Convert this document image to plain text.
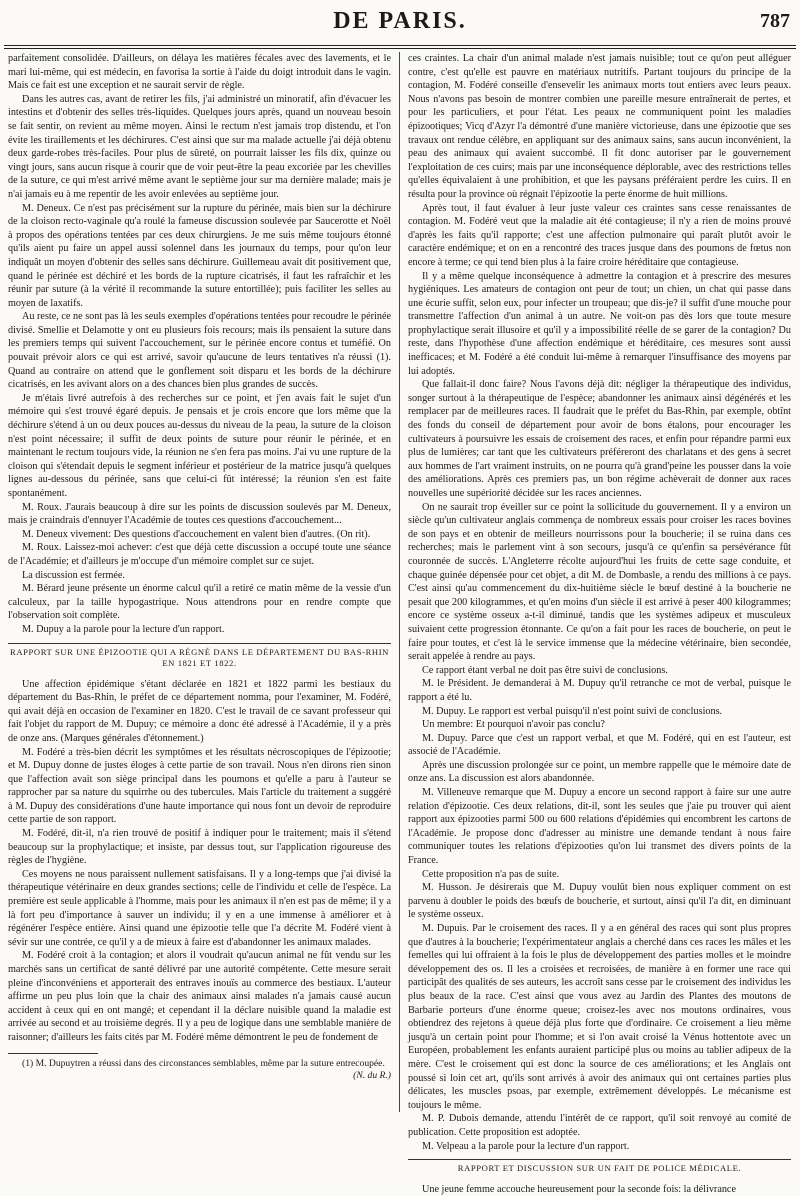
DE PARIS.	787

parfaitement consolidée. D'ailleurs, on délaya les matières fécales avec des lavements, et le mari lui-même, qui est médecin, en favorisa la sortie à l'aide du doigt introduit dans le vagin. Mais ce fait est une exception et ne saurait servir de règle.

Dans les autres cas, avant de retirer les fils, j'ai administré un minoratif, afin d'évacuer les intestins et d'obtenir des selles très-liquides. Quelques jours après, quand un nouveau besoin se fait sentir, on revient au même moyen. Ainsi le rectum n'est jamais trop distendu, et l'on évite les tiraillements et les déchirures. C'est ainsi que sur ma malade actuelle j'ai déjà obtenu deux garde-robes très-faciles. Pour plus de sûreté, on pourrait laisser les fils dix, quinze ou vingt jours, sans aucun risque à courir que de voir peut-être la peau excoriée par les chevilles de la suture, ce qui m'est arrivé même avant le septième jour sur ma dernière malade; mais je n'ai jamais eu à me repentir de les avoir enlevées au septième jour.

M. Deneux. Ce n'est pas précisément sur la rupture du périnée, mais bien sur la déchirure de la cloison recto-vaginale qu'a roulé la fameuse discussion soulevée par Saucerotte et Noël à propos des opérations tentées par ces deux chirurgiens. Je me suis même toujours étonné qu'ils aient pu faire un appel aussi solennel dans les journaux du temps, pour qu'on leur indiquât un moyen d'obtenir des selles sans déchirure. Guillemeau avait dit positivement que, quand le périnée est déchiré et les bords de la rupture cicatrisés, il faut les rafraîchir et les réunir par suture (à la vérité il recommande la suture entortillée); puis faciliter les selles au moyen de laxatifs.

Au reste, ce ne sont pas là les seuls exemples d'opérations tentées pour recoudre le périnée divisé. Smellie et Delamotte y ont eu plusieurs fois recours; mais ils pensaient la suture dans les premiers temps qui suivent l'accouchement, sur le périnée encore contus et tuméfié. On pouvait prévoir alors ce qui est arrivé, savoir qu'aucune de leurs tentatives n'a réussi (1). Quand au contraire on attend que le gonflement soit disparu et les bords de la déchirure cicatrisés, en les avivant alors on a des chances bien plus grandes de succès.

Je m'étais livré autrefois à des recherches sur ce point, et j'en avais fait le sujet d'un mémoire qui s'est trouvé égaré depuis. Je pensais et je crois encore que lors même que la déchirure s'étend à un ou deux pouces au-dessus du niveau de la peau, la suture de la cloison n'est point nécessaire; il suffit de deux points de suture pour réunir le périnée, et en maintenant le rectum toujours vide, la réunion ne s'en fera pas moins. J'ai vu une rupture de la cloison qui s'étendait depuis le segment inférieur et postérieur de la matrice jusqu'à quelques lignes au-dessous du périnée, sans que celui-ci fût intéressé; la réunion s'en est faite spontanément.

M. Roux. J'aurais beaucoup à dire sur les points de discussion soulevés par M. Deneux, mais je craindrais d'ennuyer l'Académie de toutes ces questions d'accouchement...

M. Deneux vivement: Des questions d'accouchement en valent bien d'autres. (On rit).

M. Roux. Laissez-moi achever: c'est que déjà cette discussion a occupé toute une séance de l'Académie; et d'ailleurs je m'occupe d'un mémoire complet sur ce sujet.

La discussion est fermée.

M. Bérard jeune présente un énorme calcul qu'il a retiré ce matin même de la vessie d'un calculeux, par la taille hypogastrique. Nous attendrons pour en rendre compte que l'observation soit complète.

M. Dupuy a la parole pour la lecture d'un rapport.

RAPPORT SUR UNE ÉPIZOOTIE QUI A RÉGNÉ DANS LE DÉPARTEMENT DU BAS-RHIN EN 1821 ET 1822.

Une affection épidémique s'étant déclarée en 1821 et 1822 parmi les bestiaux du département du Bas-Rhin, le préfet de ce département nomma, pour l'examiner, M. Fodéré, qui avait déjà en occasion de l'examiner en 1820. C'est le travail de ce savant professeur qui fait l'objet du rapport de M. Dupuy; ce mémoire a donc été adressé à l'Académie, il y a près de onze ans. (Marques générales d'étonnement.)

M. Fodéré a très-bien décrit les symptômes et les résultats nécroscopiques de l'épizootie; et M. Dupuy donne de justes éloges à cette partie de son travail. Nous n'en dirons rien sinon que l'affection avait son siège principal dans les poumons et qu'elle a paru à l'auteur se rapprocher par sa nature du squirrhe ou des tubercules. Mais l'article du traitement a suggéré à M. Dupuy des considérations d'une haute importance qui nous font un devoir de reproduire cette partie de son rapport.

M. Fodéré, dit-il, n'a rien trouvé de positif à indiquer pour le traitement; mais il s'étend beaucoup sur la prophylactique; et insiste, par dessus tout, sur l'application rigoureuse des règles de l'hygiène.

Ces moyens ne nous paraissent nullement satisfaisans. Il y a long-temps que j'ai divisé la thérapeutique vétérinaire en deux grandes sections; celle de l'individu et celle de l'espèce. La première est seule applicable à l'homme, mais pour les animaux il n'en est pas de même; il y a là fort peu d'importance à sauver un individu; il y en a une immense à améliorer et à régénérer l'espèce entière. Ainsi quand une épizootie telle que l'a décrite M. Fodéré vient à sévir sur une contrée, ce qu'il y a de mieux à faire est d'abandonner les animaux malades.

M. Fodéré croit à la contagion; et alors il voudrait qu'aucun animal ne fût vendu sur les marchés sans un certificat de santé délivré par une autorité compétente. Cette mesure serait pleine d'inconvéniens et apporterait des entraves inouïs au commerce des bestiaux. L'auteur affirme un peu plus loin que la chair des animaux ainsi malades n'a jamais causé aucun accident à ceux qui en ont mangé; et cependant il la déclare nuisible quand la maladie est arrivée au second et au troisième degrés. Il y a peu de logique dans une semblable manière de raisonner; d'ailleurs les faits cités par M. Fodéré même démontrent le peu de fondement de

(1) M. Dupuytren a réussi dans des circonstances semblables, même par la suture entrecoupée.
(N. du R.)

ces craintes. La chair d'un animal malade n'est jamais nuisible; tout ce qu'on peut alléguer contre, c'est qu'elle est pauvre en matériaux nutritifs. Partant toujours du principe de la contagion, M. Fodéré conseille d'ensevelir les animaux morts tout entiers avec leurs peaux. Nous n'avons pas besoin de montrer combien une pareille mesure entraînerait de pertes, et pour les particuliers, et pour l'état. Les peaux ne communiquent point les maladies épizootiques; Vicq d'Azyr l'a démontré d'une manière victorieuse, dans une épizootie que ses travaux ont rendue célèbre, en appliquant sur des animaux sains, sans aucun inconvénient, la peau des animaux qui avaient succombé. Il fit donc autoriser par le gouvernement l'exploitation de ces cuirs; mais par une inconséquence déplorable, avec des restrictions telles qu'elles équivalaient à une prohibition, et que les paysans préféraient perdre les cuirs. Il en résulta pour la province où régnait l'épizootie la perte énorme de huit millions.

Après tout, il faut évaluer à leur juste valeur ces craintes sans cesse renaissantes de contagion. M. Fodéré veut que la maladie ait été contagieuse; il n'y a rien de moins prouvé d'après les faits qu'il rapporte; c'est une affection pulmonaire qui paraît plutôt avoir le caractère endémique; et on en a rencontré des traces jusque dans des poumons de fœtus non encore à terme; ce qui tend bien plus à la faire croire héréditaire que contagieuse.

Il y a même quelque inconséquence à admettre la contagion et à prescrire des mesures hygiéniques. Les amateurs de contagion ont peur de tout; un chien, un chat qui passe dans une écurie suffit, selon eux, pour infecter un troupeau; que dis-je? il suffit d'une mouche pour transmettre l'affection d'un animal à un autre. Ne voit-on pas dès lors que toute mesure prophylactique serait illusoire et qu'il y a impossibilité réelle de se garer de la contagion? Du reste, dans l'hypothèse d'une affection endémique et héréditaire, ces mesures sont aussi inefficaces; et M. Fodéré a été conduit lui-même à remarquer l'insuffisance des moyens par lui adoptés.

Que fallait-il donc faire? Nous l'avons déjà dit: négliger la thérapeutique des individus, songer surtout à la thérapeutique de l'espèce; abandonner les animaux ainsi dégénérés et les remplacer par de meilleures races. Il faudrait que le préfet du Bas-Rhin, par exemple, obtînt des fonds du conseil de département pour avoir de bons étalons, pour encourager les cultivateurs à poursuivre les essais de croisement des races, et enfin pour répandre parmi eux plus de lumières; car tant que les cultivateurs préféreront des charlatans et des gens à secret aux hommes de l'art vraiment instruits, on ne pourra qu'à grand'peine les pousser dans la voie des améliorations. Après ces premiers pas, un bon régime achèverait de donner aux races nouvelles une supériorité décidée sur les races anciennes.

On ne saurait trop éveiller sur ce point la sollicitude du gouvernement. Il y a environ un siècle qu'un cultivateur anglais commença de nombreux essais pour croiser les races bovines de son pays et en obtenir de meilleurs nourrissons pour la boucherie; il se ruina dans ces recherches; mais le parlement vint à son secours, jusqu'à ce qu'enfin sa persévérance fût couronnée de succès. L'Angleterre récolte aujourd'hui les fruits de cette sage conduite, et chaque guinée dépensée pour cet objet, a dit M. de Dombasle, a rendu des millions à ce pays. C'est ainsi qu'au commencement du dix-huitième siècle le bœuf destiné à la boucherie ne pesait que 200 kilogrammes, et qu'en moins d'un siècle il est arrivé à peser 400 kilogrammes; encore ce système osseux a-t-il diminué, tandis que les systèmes adipeux et musculeux suivaient cette progression étonnante. Ce qu'on a fait pour les races de boucherie, on peut le faire pour toutes, et c'est là le service immense que la médecine vétérinaire, bien secondée, serait appelée à rendre au pays.

Ce rapport étant verbal ne doit pas être suivi de conclusions.

M. le Président. Je demanderai à M. Dupuy qu'il retranche ce mot de verbal, puisque le rapport a été lu.

M. Dupuy. Le rapport est verbal puisqu'il n'est point suivi de conclusions.

Un membre: Et pourquoi n'avoir pas conclu?

M. Dupuy. Parce que c'est un rapport verbal, et que M. Fodéré, qui en est l'auteur, est associé de l'Académie.

Après une discussion prolongée sur ce point, un membre rappelle que le mémoire date de onze ans. La discussion est alors abandonnée.

M. Villeneuve remarque que M. Dupuy a encore un second rapport à faire sur une autre relation d'épizootie. Ces deux relations, dit-il, sont les seules que j'aie pu trouver qui aient rapport aux épizooties parmi 500 ou 600 relations d'épidémies qui encombrent les cartons de l'Académie. Je propose donc d'adresser au ministre une demande tendant à nous faire communiquer toutes les relations d'épizooties qu'on lui transmet des divers points de la France.

Cette proposition n'a pas de suite.

M. Husson. Je désirerais que M. Dupuy voulût bien nous expliquer comment on est parvenu à doubler le poids des bœufs de boucherie, et surtout, ainsi qu'il l'a dit, en diminuant le système osseux.

M. Dupuis. Par le croisement des races. Il y a en général des races qui sont plus propres que d'autres à la boucherie; l'expérimentateur anglais a cherché dans ces races les mâles et les femelles qui lui offraient à la fois le plus de développement des parties molles et le moindre développement des os. Il les a croisées et recroisées, de manière à en former une race qui participât des qualités de ses auteurs, les accroît sans cesse par le croisement des individus les plus beaux de la race. C'est ainsi que vous avez au Jardin des Plantes des moutons de Barbarie porteurs d'une énorme queue; croisez-les avec nos moutons ordinaires, vous obtiendrez des rejetons à queue déjà plus forte que d'ordinaire. Ce croisement a lieu même jusqu'à un certain point pour l'homme; et si l'on avait croisé la Vénus hottentote avec un Européen, probablement les enfants auraient participé plus ou moins au tablier adipeux de la mère. C'est le croisement qui est donc la source de ces améliorations; et les Anglais ont poussé si loin cet art, qu'ils sont arrivés à avoir des animaux qui ont certaines parties plus délicates, les muscles psoas, par exemple, extrêmement développés. Le mécanisme est toujours le même.

M. P. Dubois demande, attendu l'intérêt de ce rapport, qu'il soit renvoyé au comité de publication. Cette proposition est adoptée.

M. Velpeau a la parole pour la lecture d'un rapport.

RAPPORT ET DISCUSSION SUR UN FAIT DE POLICE MÉDICALE.

Une jeune femme accouche heureusement pour la seconde fois: la délivrance
